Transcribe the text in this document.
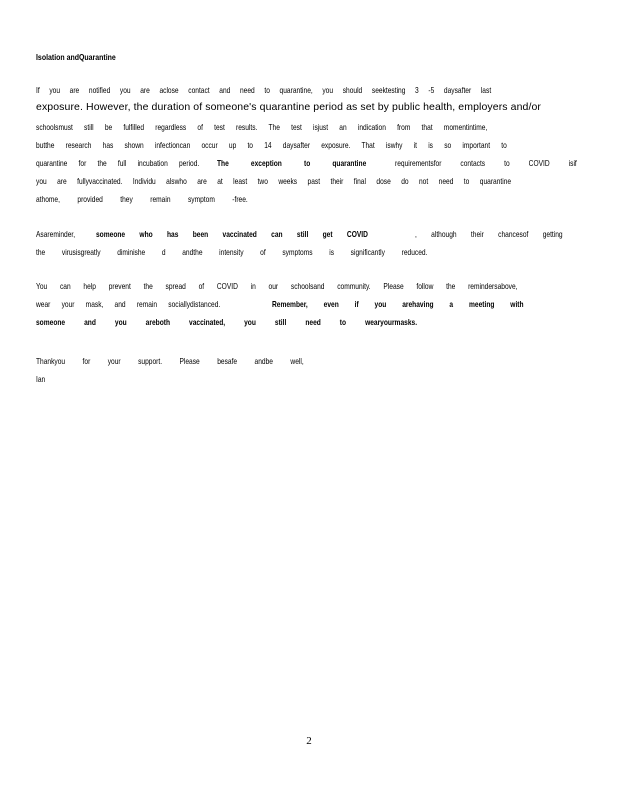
Isolation andQuarantine
If you are notified you are aclose contact and need to quarantine, you should seektesting 3 -5 daysafter last
exposure. However, the duration of someone's quarantine period as set by public health, employers and/or
schoolsmust still be fulfilled regardless of test results. The test isjust an indication from that momentintime,
butthe research has shown infectioncan occur up to 14 daysafter exposure. That iswhy it is so important to
quarantine for the full incubation period. The exception to quarantine	requirementsfor contacts to COVID isif
you are fullyvaccinated. Individu alswho are at least two weeks past their final dose do not need to quarantine
athome, provided they remain symptom -free.
Asareminder, someone who has been vaccinated can still get COVID	, although their chancesof getting
the virusisgreatly diminishe d andthe intensity of symptoms is significantly reduced.
You can help prevent the spread of COVID in our schoolsand community. Please follow the remindersabove,
wear your mask, and remain sociallydistanced.	Remember, even if you arehaving a meeting with
someone and you areboth vaccinated, you still need to wearyourmasks.
Thankyou for your support. Please besafe andbe well,
Ian
2
